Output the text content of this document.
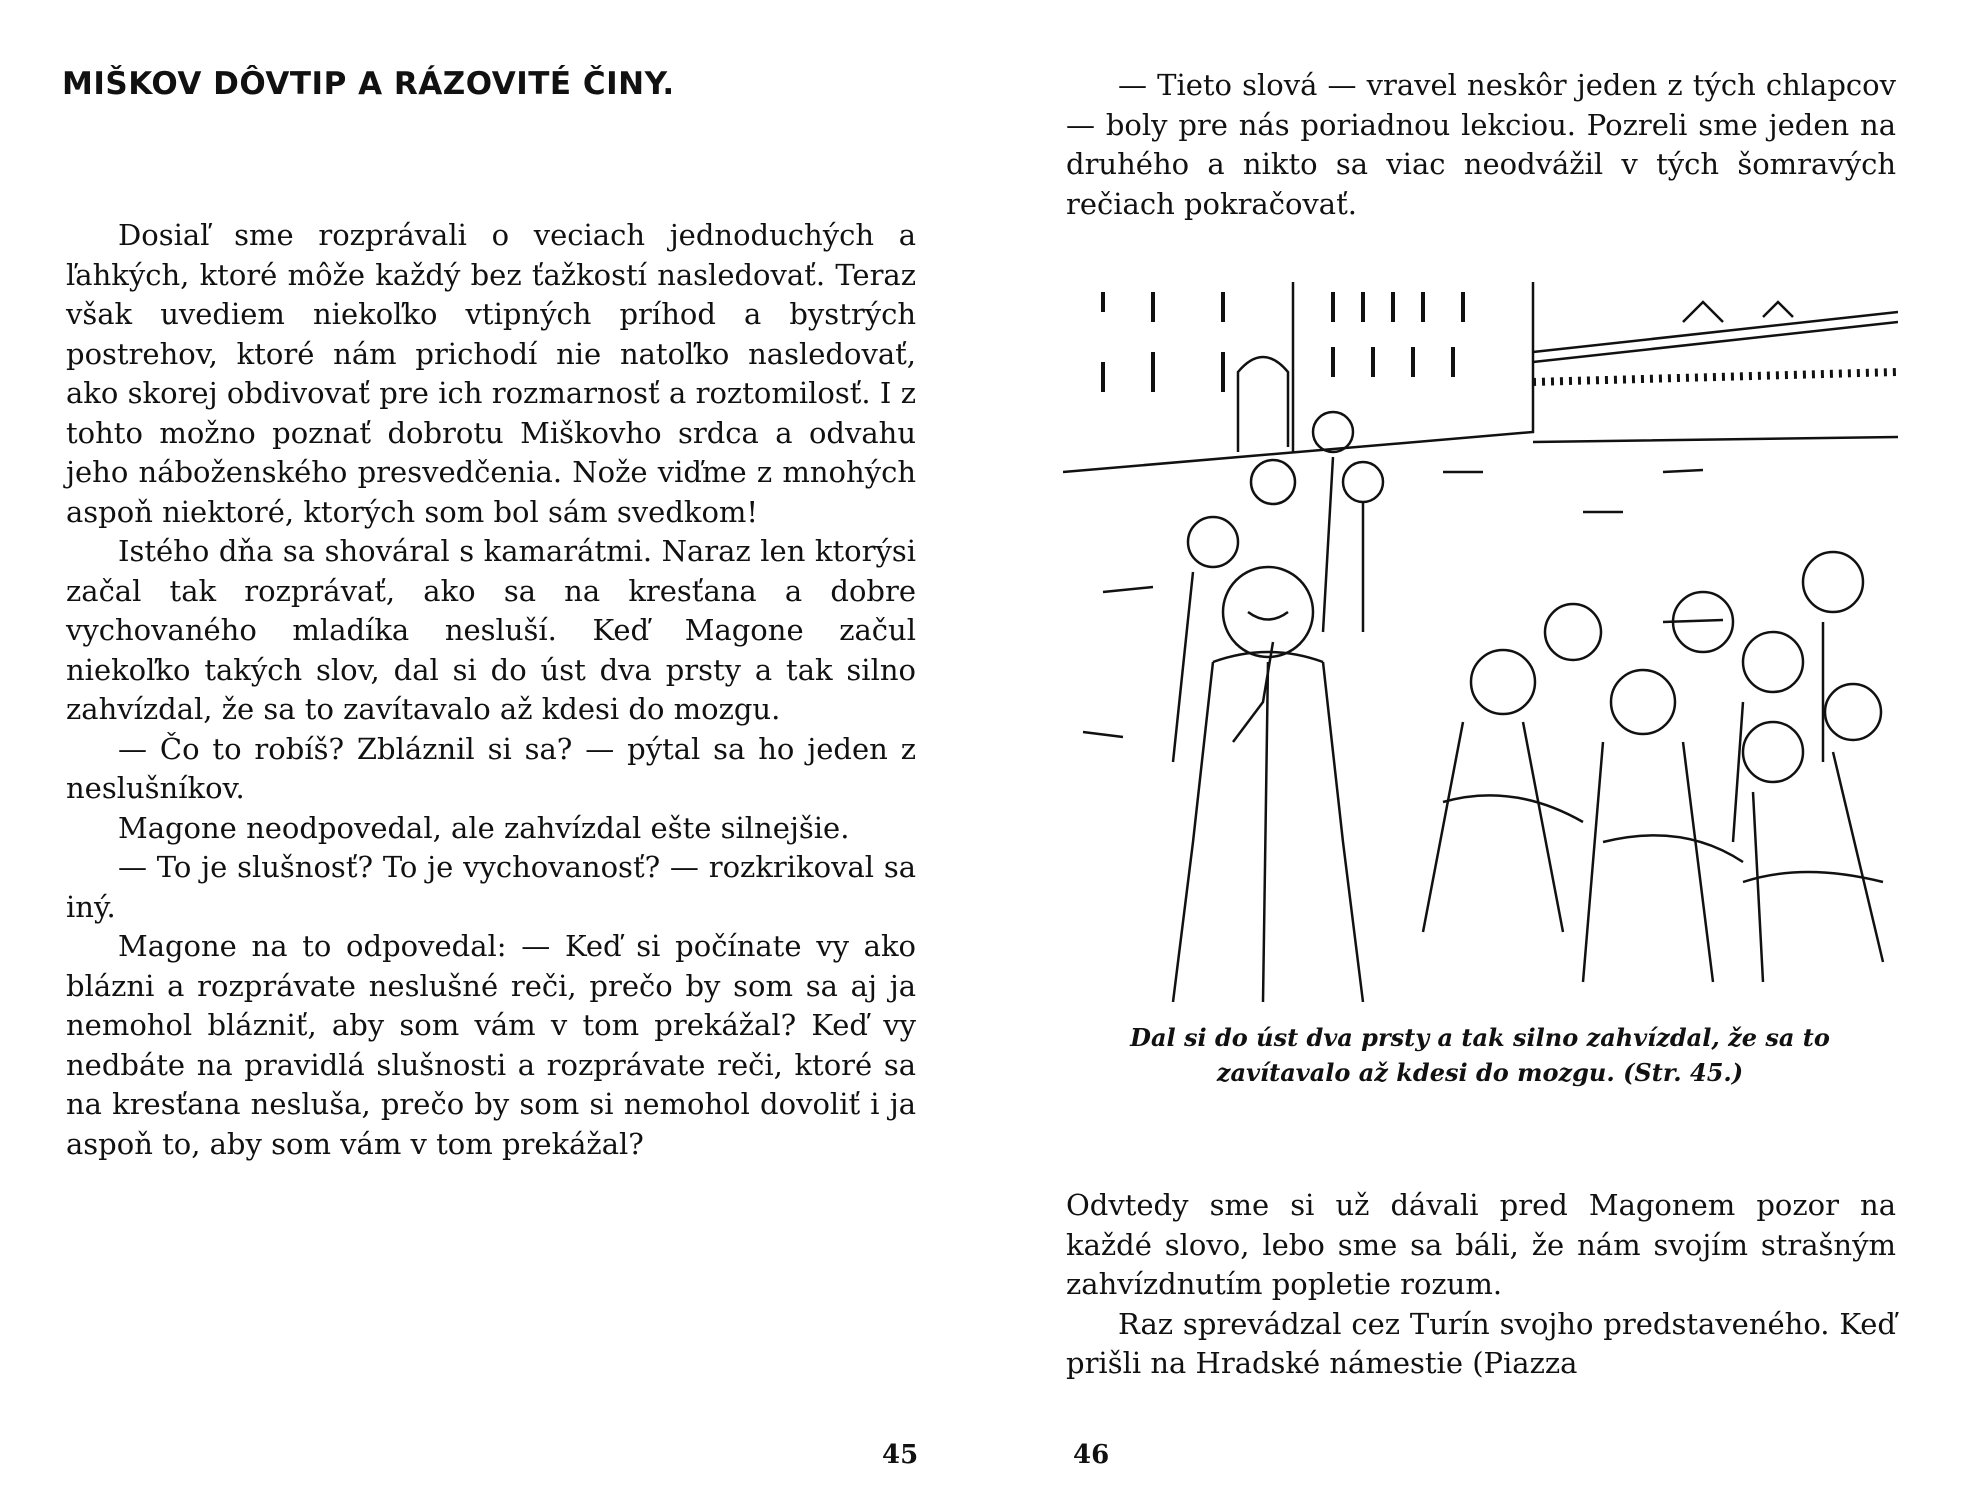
MIŠKOV DÔVTIP A RÁZOVITÉ ČINY.

Dosiaľ sme rozprávali o veciach jednoduchých a ľahkých, ktoré môže každý bez ťažkostí nasledovať. Teraz však uvediem niekoľko vtipných príhod a bystrých postrehov, ktoré nám prichodí nie natoľko nasledovať, ako skorej obdivovať pre ich rozmarnosť a roztomilosť. I z tohto možno poznať dobrotu Miškovho srdca a odvahu jeho náboženského presvedčenia. Nože viďme z mnohých aspoň niektoré, ktorých som bol sám svedkom!

Istého dňa sa shováral s kamarátmi. Naraz len ktorýsi začal tak rozprávať, ako sa na kresťana a dobre vychovaného mladíka nesluší. Keď Magone začul niekoľko takých slov, dal si do úst dva prsty a tak silno zahvízdal, že sa to zavítavalo až kdesi do mozgu.

— Čo to robíš? Zbláznil si sa? — pýtal sa ho jeden z neslušníkov.

Magone neodpovedal, ale zahvízdal ešte silnejšie.

— To je slušnosť? To je vychovanosť? — rozkrikoval sa iný.

Magone na to odpovedal: — Keď si počínate vy ako blázni a rozprávate neslušné reči, prečo by som sa aj ja nemohol blázniť, aby som vám v tom prekážal? Keď vy nedbáte na pravidlá slušnosti a rozprávate reči, ktoré sa na kresťana nesluša, prečo by som si nemohol dovoliť i ja aspoň to, aby som vám v tom prekážal?

45

— Tieto slová — vravel neskôr jeden z tých chlapcov — boly pre nás poriadnou lekciou. Pozreli sme jeden na druhého a nikto sa viac neodvážil v tých šomravých rečiach pokračovať.

Dal si do úst dva prsty a tak silno zahvízdal, že sa to zavítavalo až kdesi do mozgu. (Str. 45.)

Odvtedy sme si už dávali pred Magonem pozor na každé slovo, lebo sme sa báli, že nám svojím strašným zahvízdnutím popletie rozum.

Raz sprevádzal cez Turín svojho predstaveného. Keď prišli na Hradské námestie (Piazza

46
